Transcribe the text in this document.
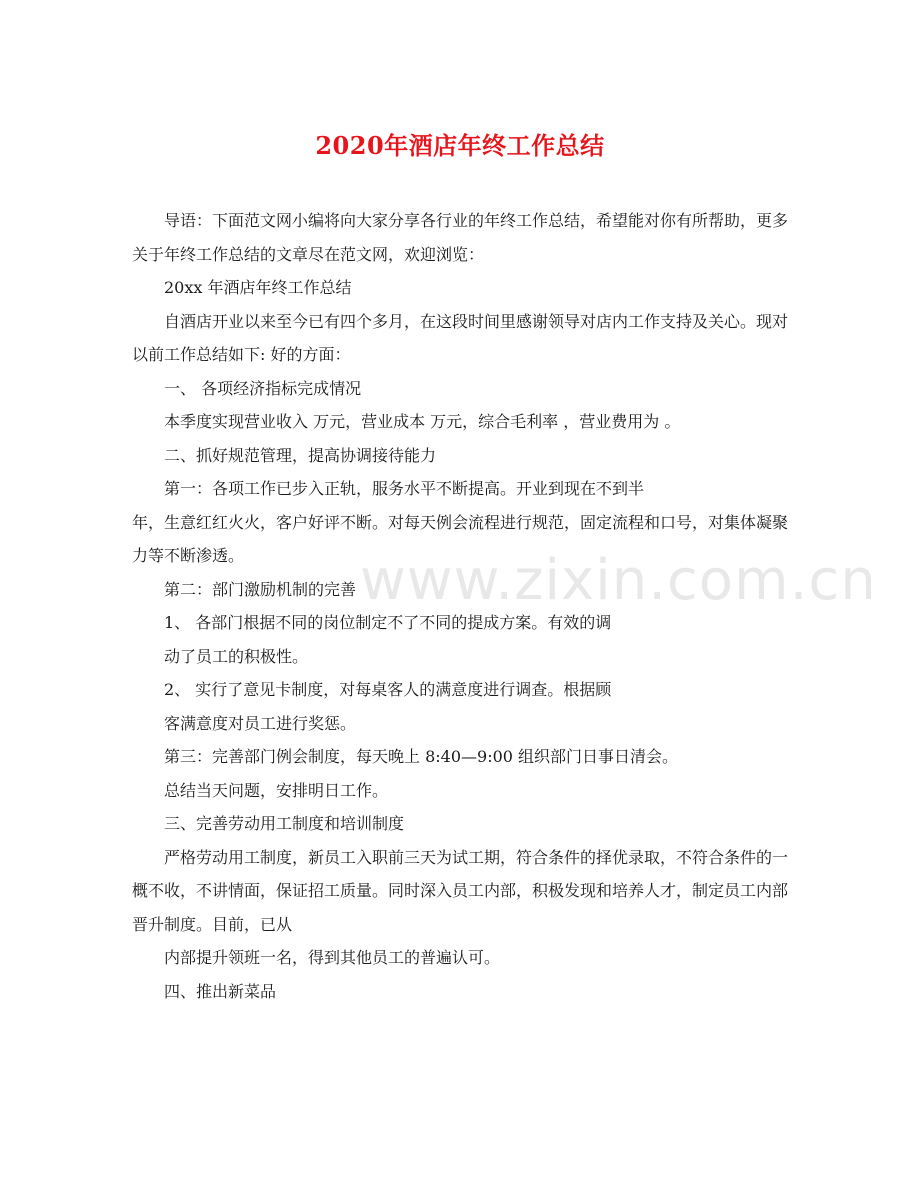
2020年酒店年终工作总结

导语：下面范文网小编将向大家分享各行业的年终工作总结，希望能对你有所帮助，更多关于年终工作总结的文章尽在范文网，欢迎浏览：

20xx 年酒店年终工作总结

自酒店开业以来至今已有四个多月，在这段时间里感谢领导对店内工作支持及关心。现对以前工作总结如下: 好的方面：

一、 各项经济指标完成情况

本季度实现营业收入 万元，营业成本 万元，综合毛利率 ，营业费用为 。

二、抓好规范管理，提高协调接待能力

第一：各项工作已步入正轨，服务水平不断提高。开业到现在不到半

年，生意红红火火，客户好评不断。对每天例会流程进行规范，固定流程和口号，对集体凝聚力等不断渗透。

第二：部门激励机制的完善

1、 各部门根据不同的岗位制定不了不同的提成方案。有效的调

动了员工的积极性。

2、 实行了意见卡制度，对每桌客人的满意度进行调查。根据顾

客满意度对员工进行奖惩。

第三：完善部门例会制度，每天晚上 8:40—9:00 组织部门日事日清会。

总结当天问题，安排明日工作。

三、完善劳动用工制度和培训制度

严格劳动用工制度，新员工入职前三天为试工期，符合条件的择优录取，不符合条件的一概不收，不讲情面，保证招工质量。同时深入员工内部，积极发现和培养人才，制定员工内部晋升制度。目前，已从

内部提升领班一名，得到其他员工的普遍认可。

四、推出新菜品

www.zixin.com.cn
